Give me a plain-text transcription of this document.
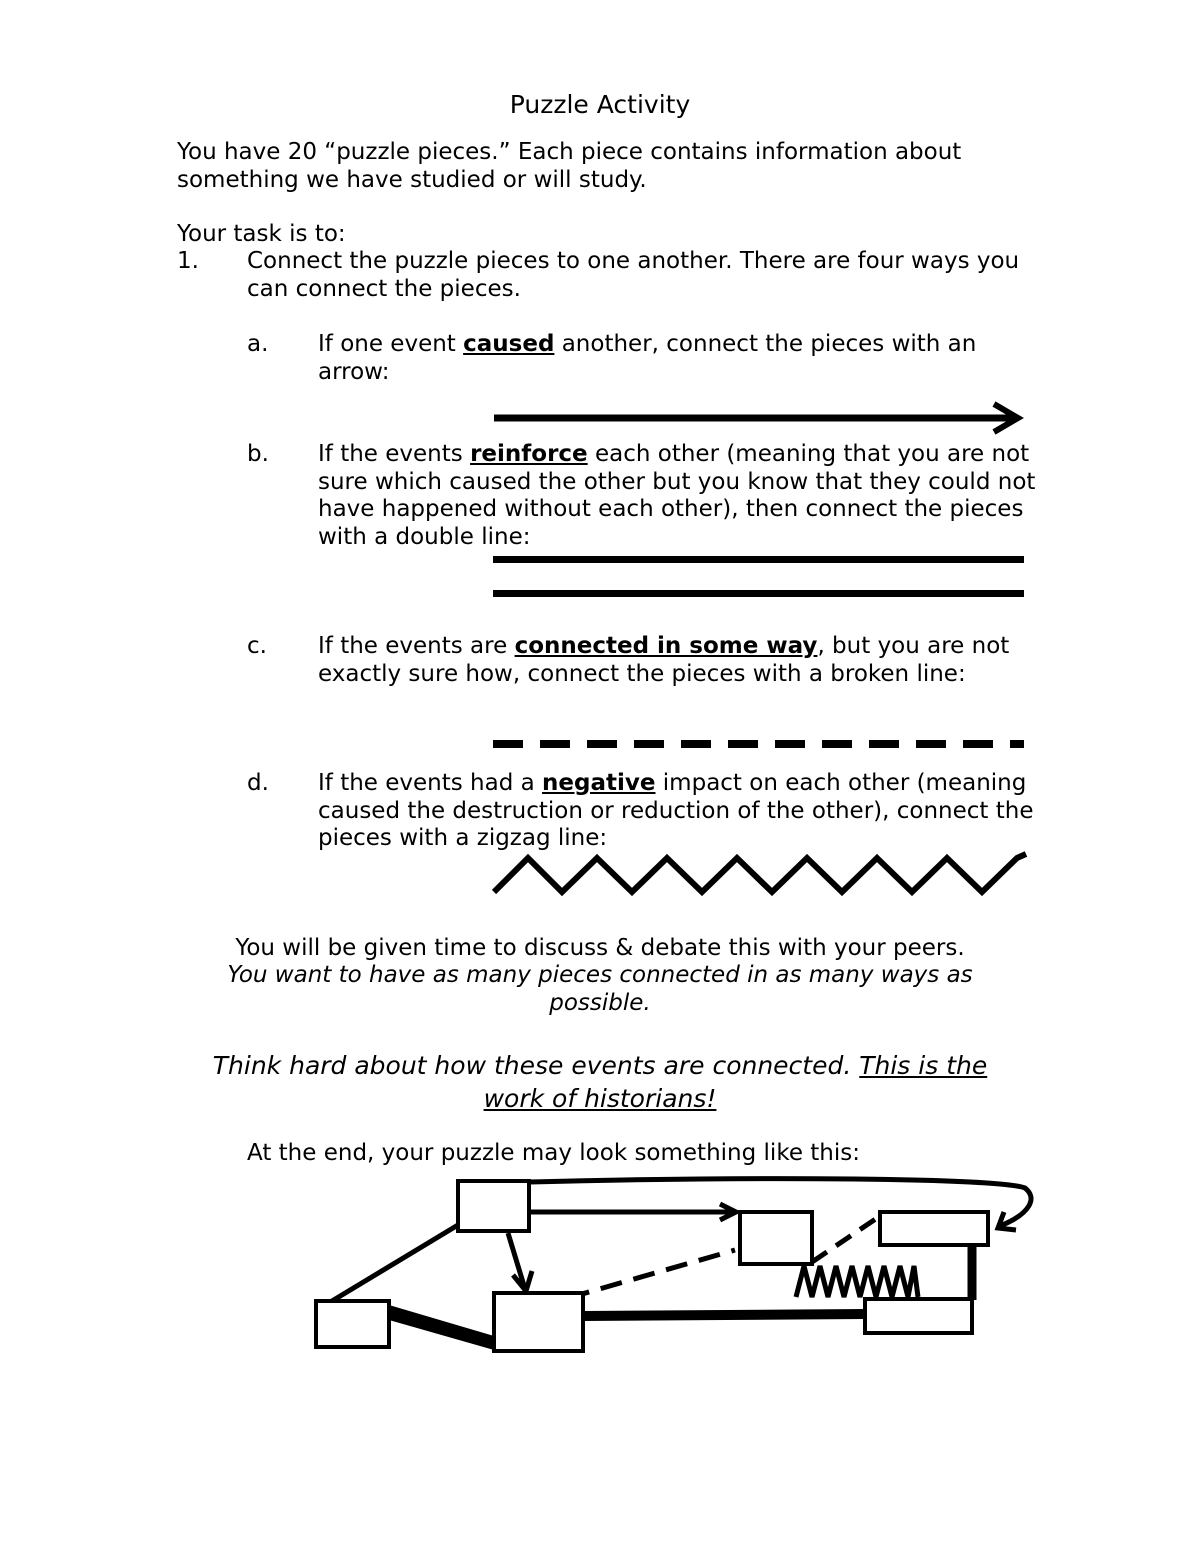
Puzzle Activity

You have 20 “puzzle pieces.” Each piece contains information about something we have studied or will study.

Your task is to:

1. Connect the puzzle pieces to one another. There are four ways you can connect the pieces.

a. If one event caused another, connect the pieces with an arrow:

b. If the events reinforce each other (meaning that you are not sure which caused the other but you know that they could not have happened without each other), then connect the pieces with a double line:

c. If the events are connected in some way, but you are not exactly sure how, connect the pieces with a broken line:

d. If the events had a negative impact on each other (meaning caused the destruction or reduction of the other), connect the pieces with a zigzag line:

You will be given time to discuss & debate this with your peers.

You want to have as many pieces connected in as many ways as possible.

Think hard about how these events are connected. This is the work of historians!

At the end, your puzzle may look something like this:
